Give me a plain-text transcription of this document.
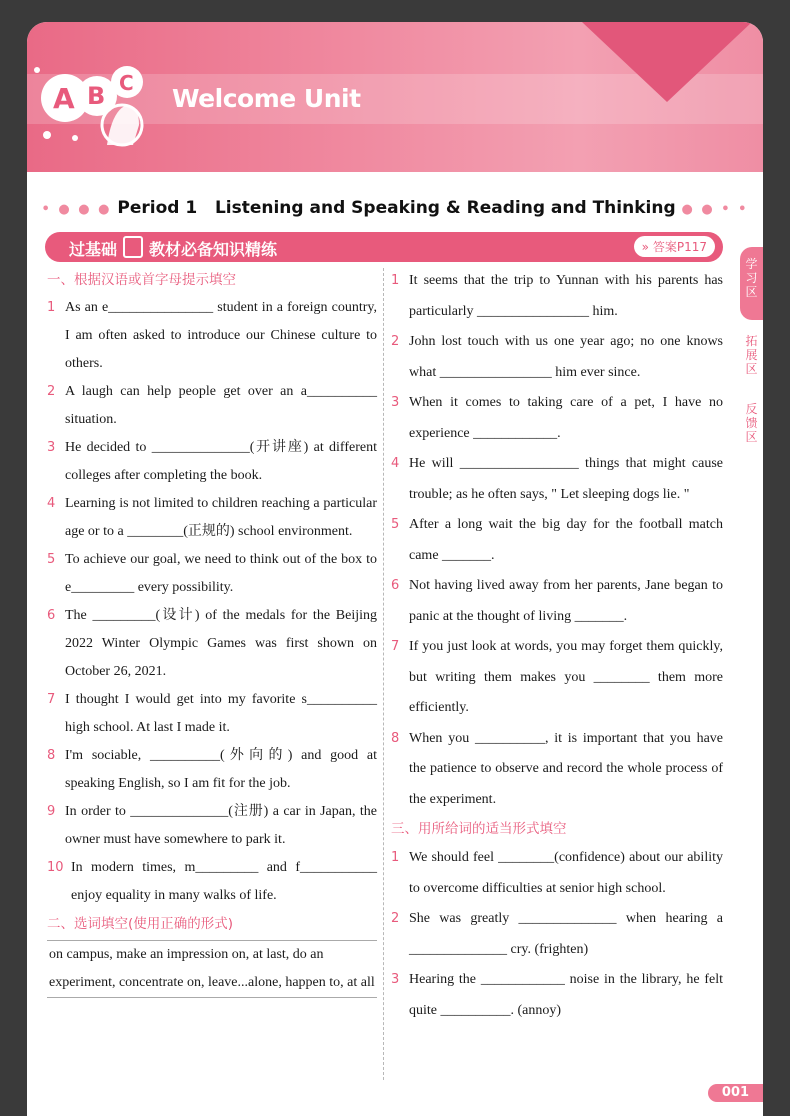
A B C
Welcome Unit
• ● ● ● Period 1   Listening and Speaking & Reading and Thinking ● ● • •
过基础 教材必备知识精练	» 答案P117
学习区
拓展区
反馈区
一、根据汉语或首字母提示填空
1 As an e_______________ student in a foreign country, I am often asked to introduce our Chinese culture to others.
2 A laugh can help people get over an a__________ situation.
3 He decided to ______________(开讲座) at different colleges after completing the book.
4 Learning is not limited to children reaching a particular age or to a ________(正规的) school environment.
5 To achieve our goal, we need to think out of the box to e_________ every possibility.
6 The _________(设计) of the medals for the Beijing 2022 Winter Olympic Games was first shown on October 26, 2021.
7 I thought I would get into my favorite s__________ high school. At last I made it.
8 I'm sociable, __________(外向的) and good at speaking English, so I am fit for the job.
9 In order to ______________(注册) a car in Japan, the owner must have somewhere to park it.
10 In modern times, m_________ and f___________ enjoy equality in many walks of life.
二、选词填空(使用正确的形式)
on campus, make an impression on, at last, do an experiment, concentrate on, leave...alone, happen to, at all
1 It seems that the trip to Yunnan with his parents has particularly ________________ him.
2 John lost touch with us one year ago; no one knows what ________________ him ever since.
3 When it comes to taking care of a pet, I have no experience ____________.
4 He will _________________ things that might cause trouble; as he often says, " Let sleeping dogs lie. "
5 After a long wait the big day for the football match came _______.
6 Not having lived away from her parents, Jane began to panic at the thought of living _______.
7 If you just look at words, you may forget them quickly, but writing them makes you ________ them more efficiently.
8 When you __________, it is important that you have the patience to observe and record the whole process of the experiment.
三、用所给词的适当形式填空
1 We should feel ________(confidence) about our ability to overcome difficulties at senior high school.
2 She was greatly ______________ when hearing a ______________ cry. (frighten)
3 Hearing the ____________ noise in the library, he felt quite __________. (annoy)
001
